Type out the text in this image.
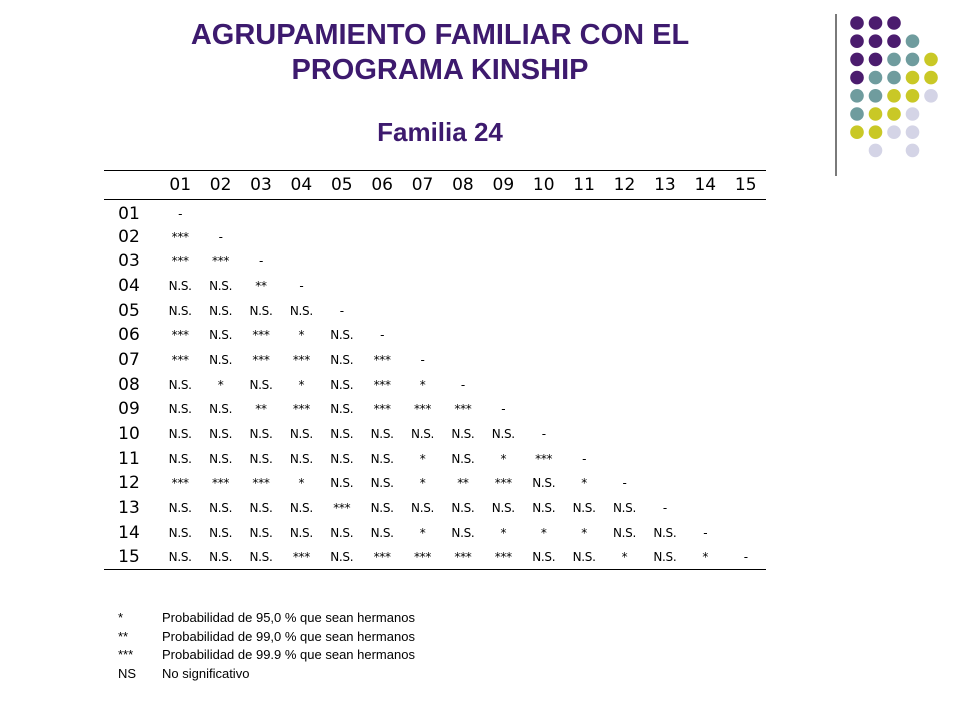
AGRUPAMIENTO FAMILIAR CON EL
PROGRAMA KINSHIP
Familia 24
	01	02	03	04	05	06	07	08	09	10	11	12	13	14	15
01	-														
02	***	-													
03	***	***	-												
04	N.S.	N.S.	**	-											
05	N.S.	N.S.	N.S.	N.S.	-										
06	***	N.S.	***	*	N.S.	-									
07	***	N.S.	***	***	N.S.	***	-								
08	N.S.	*	N.S.	*	N.S.	***	*	-							
09	N.S.	N.S.	**	***	N.S.	***	***	***	-						
10	N.S.	N.S.	N.S.	N.S.	N.S.	N.S.	N.S.	N.S.	N.S.	-					
11	N.S.	N.S.	N.S.	N.S.	N.S.	N.S.	*	N.S.	*	***	-				
12	***	***	***	*	N.S.	N.S.	*	**	***	N.S.	*	-			
13	N.S.	N.S.	N.S.	N.S.	***	N.S.	N.S.	N.S.	N.S.	N.S.	N.S.	N.S.	-		
14	N.S.	N.S.	N.S.	N.S.	N.S.	N.S.	*	N.S.	*	*	*	N.S.	N.S.	-	
15	N.S.	N.S.	N.S.	***	N.S.	***	***	***	***	N.S.	N.S.	*	N.S.	*	-
*	Probabilidad de 95,0 % que sean hermanos
**	Probabilidad de 99,0 % que sean hermanos
***	Probabilidad de 99.9 % que sean hermanos
NS	No significativo
